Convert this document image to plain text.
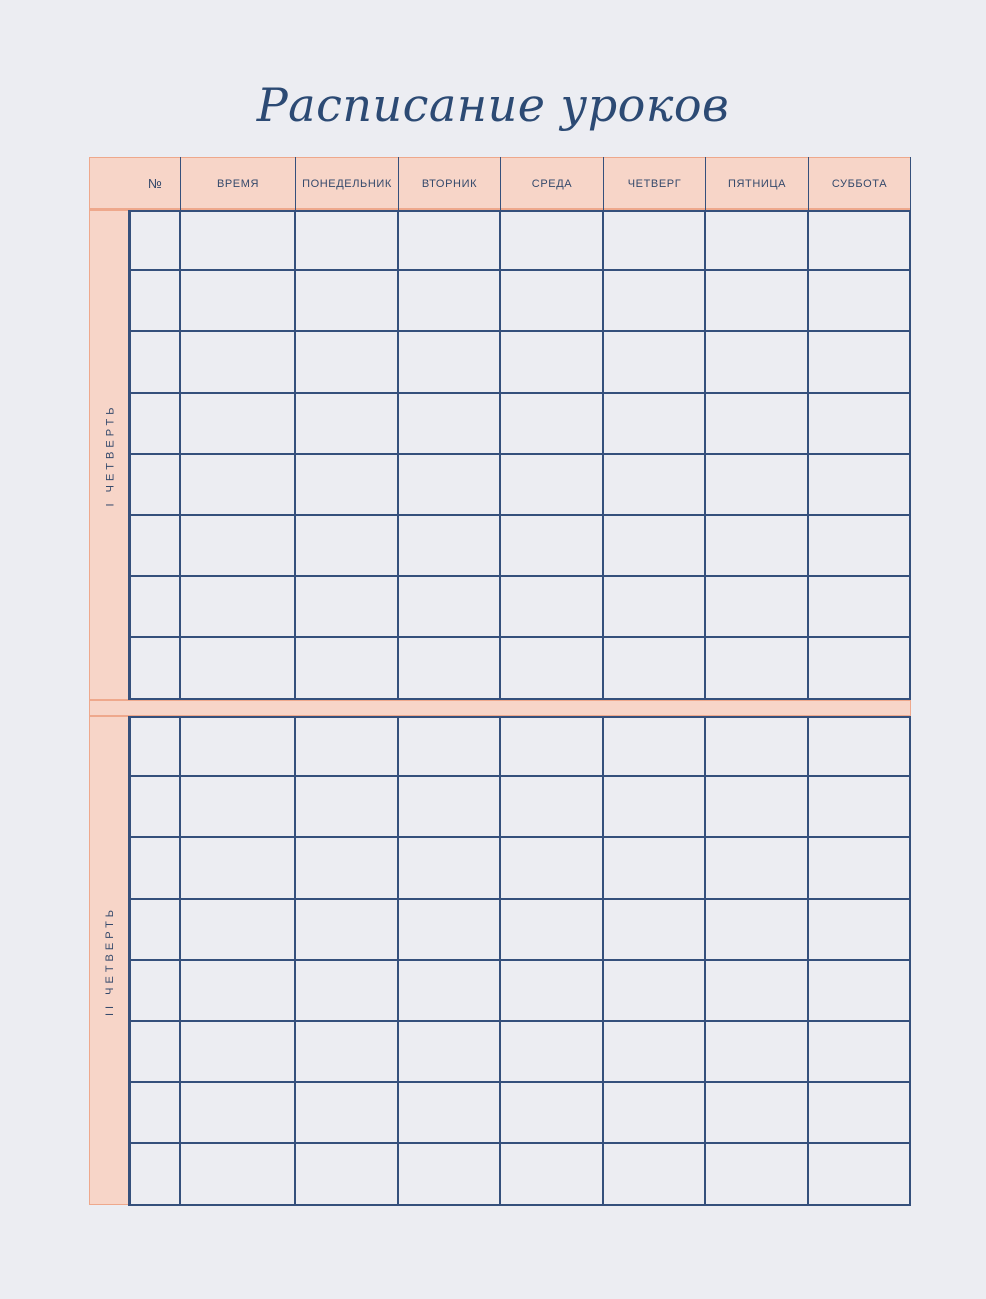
Расписание уроков
№	ВРЕМЯ	ПОНЕДЕЛЬНИК	ВТОРНИК	СРЕДА	ЧЕТВЕРГ	ПЯТНИЦА	СУББОТА
I ЧЕТВЕРТЬ
II ЧЕТВЕРТЬ
